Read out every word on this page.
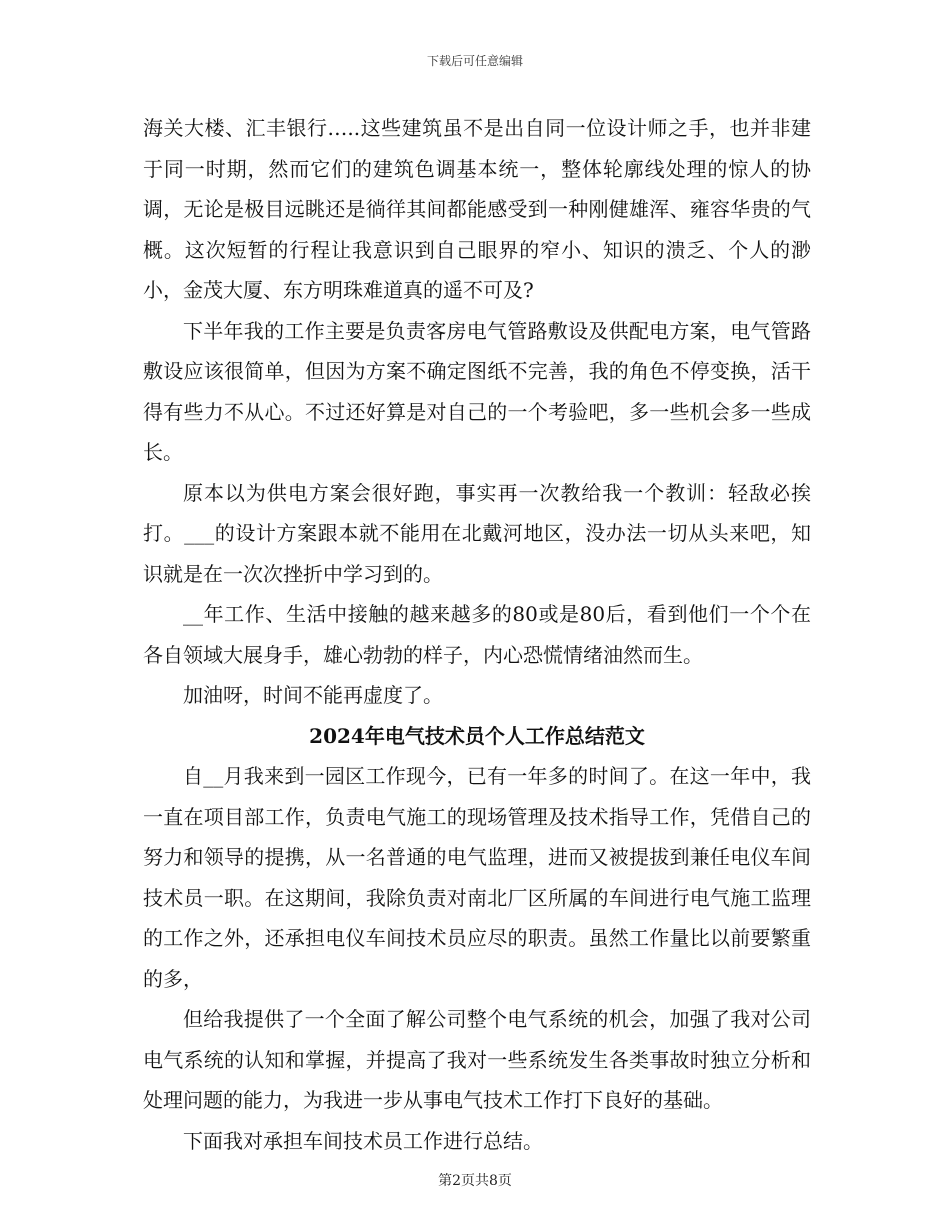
下载后可任意编辑

海关大楼、汇丰银行…..这些建筑虽不是出自同一位设计师之手，也并非建于同一时期，然而它们的建筑色调基本统一，整体轮廓线处理的惊人的协调，无论是极目远眺还是徜徉其间都能感受到一种刚健雄浑、雍容华贵的气概。这次短暂的行程让我意识到自己眼界的窄小、知识的溃乏、个人的渺小，金茂大厦、东方明珠难道真的遥不可及?

下半年我的工作主要是负责客房电气管路敷设及供配电方案，电气管路敷设应该很简单，但因为方案不确定图纸不完善，我的角色不停变换，活干得有些力不从心。不过还好算是对自己的一个考验吧，多一些机会多一些成长。

原本以为供电方案会很好跑，事实再一次教给我一个教训：轻敌必挨打。___的设计方案跟本就不能用在北戴河地区，没办法一切从头来吧，知识就是在一次次挫折中学习到的。

__年工作、生活中接触的越来越多的80或是80后，看到他们一个个在各自领域大展身手，雄心勃勃的样子，内心恐慌情绪油然而生。

加油呀，时间不能再虚度了。

2024年电气技术员个人工作总结范文

自__月我来到一园区工作现今，已有一年多的时间了。在这一年中，我一直在项目部工作，负责电气施工的现场管理及技术指导工作，凭借自己的努力和领导的提携，从一名普通的电气监理，进而又被提拔到兼任电仪车间技术员一职。在这期间，我除负责对南北厂区所属的车间进行电气施工监理的工作之外，还承担电仪车间技术员应尽的职责。虽然工作量比以前要繁重的多，

但给我提供了一个全面了解公司整个电气系统的机会，加强了我对公司电气系统的认知和掌握，并提高了我对一些系统发生各类事故时独立分析和处理问题的能力，为我进一步从事电气技术工作打下良好的基础。

下面我对承担车间技术员工作进行总结。

第2页共8页
